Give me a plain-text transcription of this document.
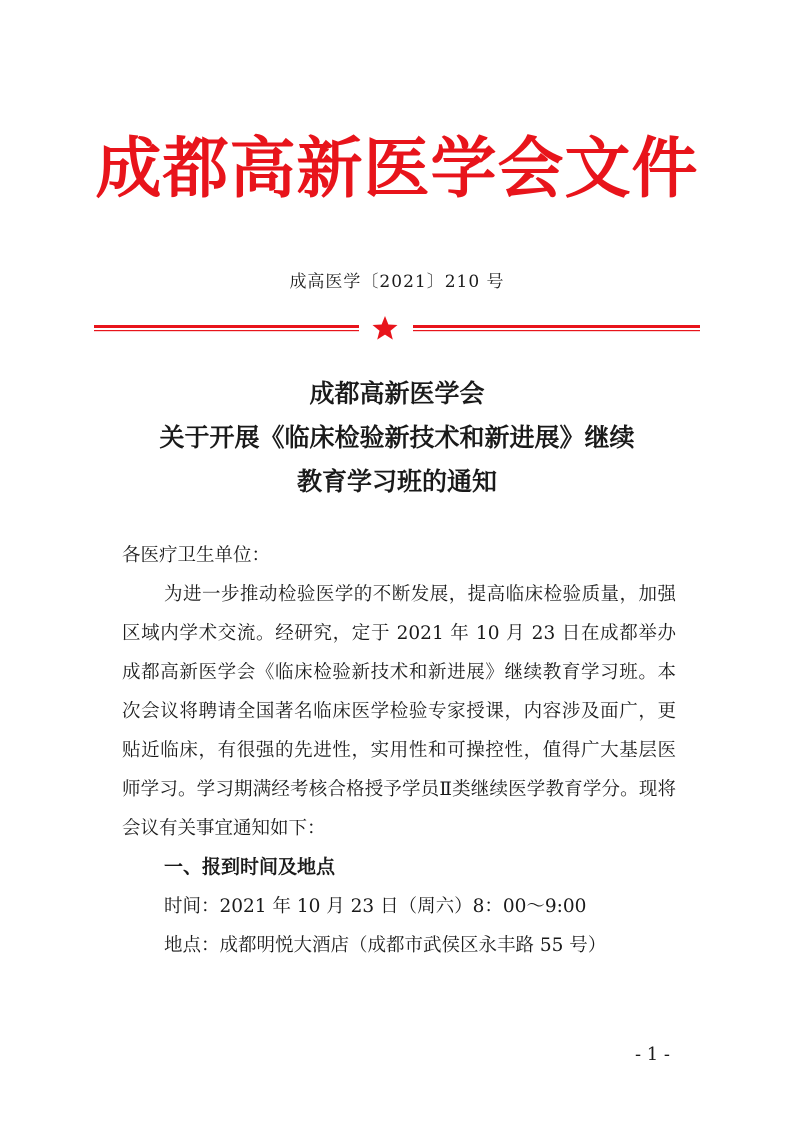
成都高新医学会文件
成高医学〔2021〕210 号
成都高新医学会
关于开展《临床检验新技术和新进展》继续
教育学习班的通知

各医疗卫生单位：

为进一步推动检验医学的不断发展，提高临床检验质量，加强区域内学术交流。经研究，定于 2021 年 10 月 23 日在成都举办成都高新医学会《临床检验新技术和新进展》继续教育学习班。本次会议将聘请全国著名临床医学检验专家授课，内容涉及面广，更贴近临床，有很强的先进性，实用性和可操控性，值得广大基层医师学习。学习期满经考核合格授予学员Ⅱ类继续医学教育学分。现将会议有关事宜通知如下：

一、报到时间及地点

时间：2021 年 10 月 23 日（周六）8：00～9:00

地点：成都明悦大酒店（成都市武侯区永丰路 55 号）

- 1 -
